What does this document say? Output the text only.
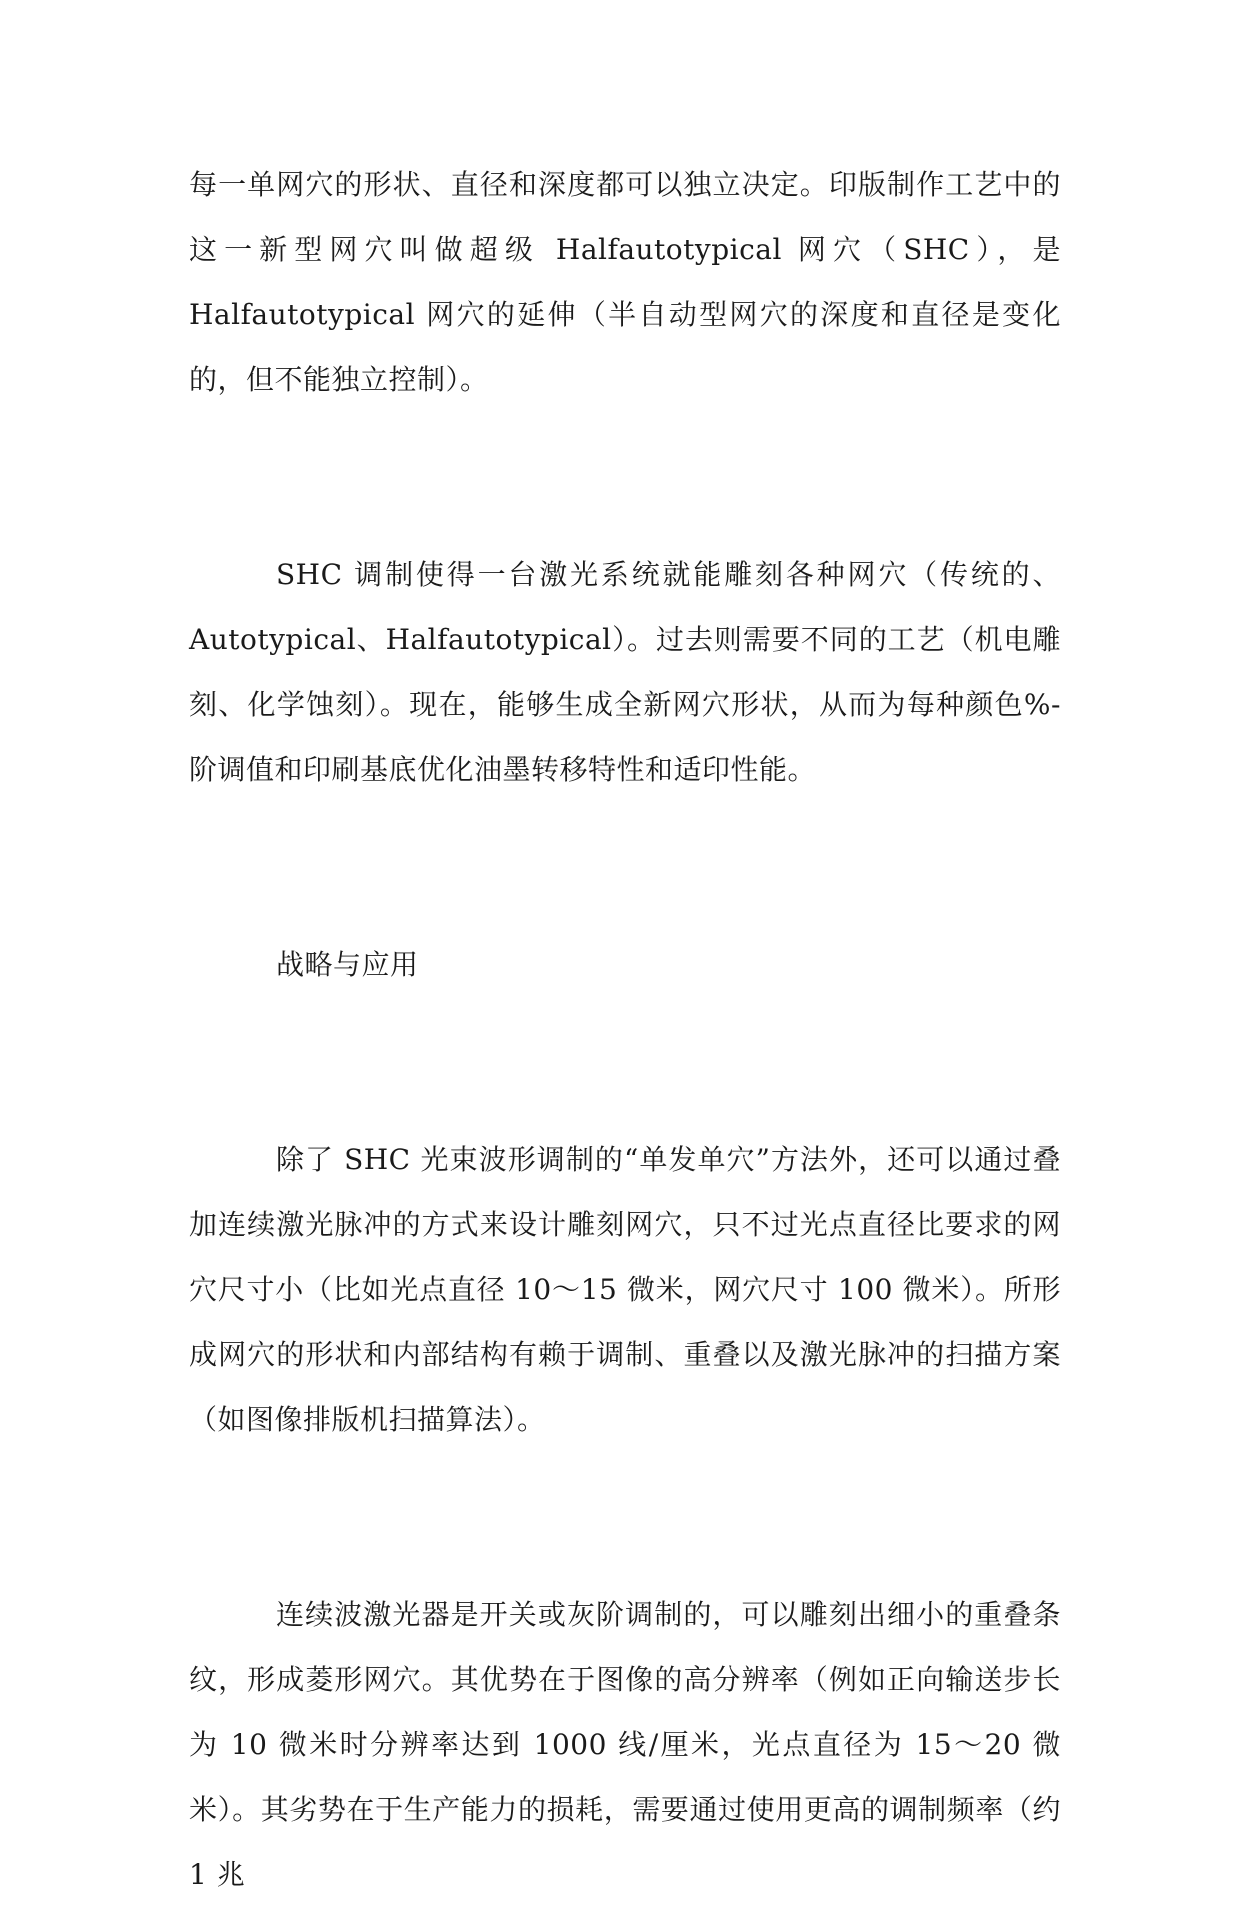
每一单网穴的形状、直径和深度都可以独立决定。印版制作工艺中的这一新型网穴叫做超级 Halfautotypical 网穴（SHC），是 Halfautotypical 网穴的延伸（半自动型网穴的深度和直径是变化的，但不能独立控制）。

SHC 调制使得一台激光系统就能雕刻各种网穴（传统的、Autotypical、Halfautotypical）。过去则需要不同的工艺（机电雕刻、化学蚀刻）。现在，能够生成全新网穴形状，从而为每种颜色%-阶调值和印刷基底优化油墨转移特性和适印性能。

战略与应用

除了 SHC 光束波形调制的“单发单穴”方法外，还可以通过叠加连续激光脉冲的方式来设计雕刻网穴，只不过光点直径比要求的网穴尺寸小（比如光点直径 10～15 微米，网穴尺寸 100 微米）。所形成网穴的形状和内部结构有赖于调制、重叠以及激光脉冲的扫描方案（如图像排版机扫描算法）。

连续波激光器是开关或灰阶调制的，可以雕刻出细小的重叠条纹，形成菱形网穴。其优势在于图像的高分辨率（例如正向输送步长为 10 微米时分辨率达到 1000 线/厘米，光点直径为 15～20 微米）。其劣势在于生产能力的损耗，需要通过使用更高的调制频率（约 1 兆
